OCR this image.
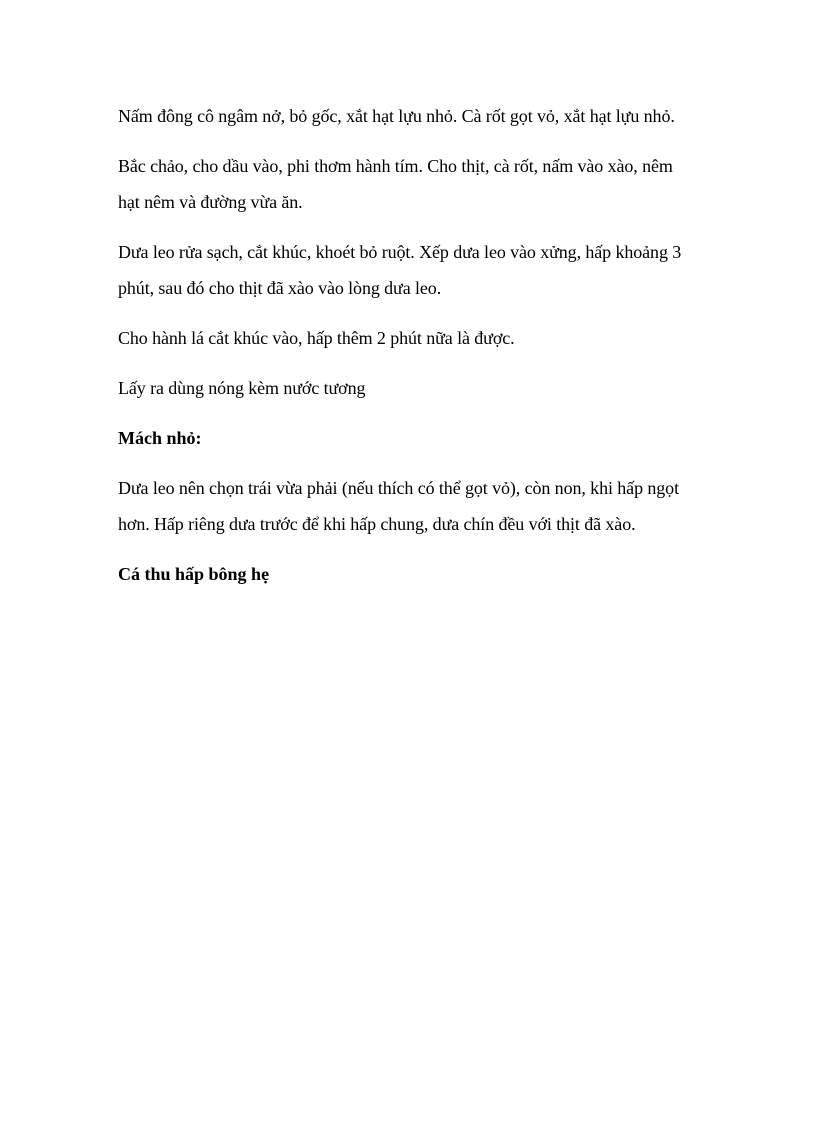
Nấm đông cô ngâm nở, bỏ gốc, xắt hạt lựu nhỏ. Cà rốt gọt vỏ, xắt hạt lựu nhỏ.

Bắc chảo, cho dầu vào, phi thơm hành tím. Cho thịt, cà rốt, nấm vào xào, nêm hạt nêm và đường vừa ăn.

Dưa leo rửa sạch, cắt khúc, khoét bỏ ruột. Xếp dưa leo vào xửng, hấp khoảng 3 phút, sau đó cho thịt đã xào vào lòng dưa leo.

Cho hành lá cắt khúc vào, hấp thêm 2 phút nữa là được.

Lấy ra dùng nóng kèm nước tương

Mách nhỏ:

Dưa leo nên chọn trái vừa phải (nếu thích có thể gọt vỏ), còn non, khi hấp ngọt hơn. Hấp riêng dưa trước để khi hấp chung, dưa chín đều với thịt đã xào.

Cá thu hấp bông hẹ
